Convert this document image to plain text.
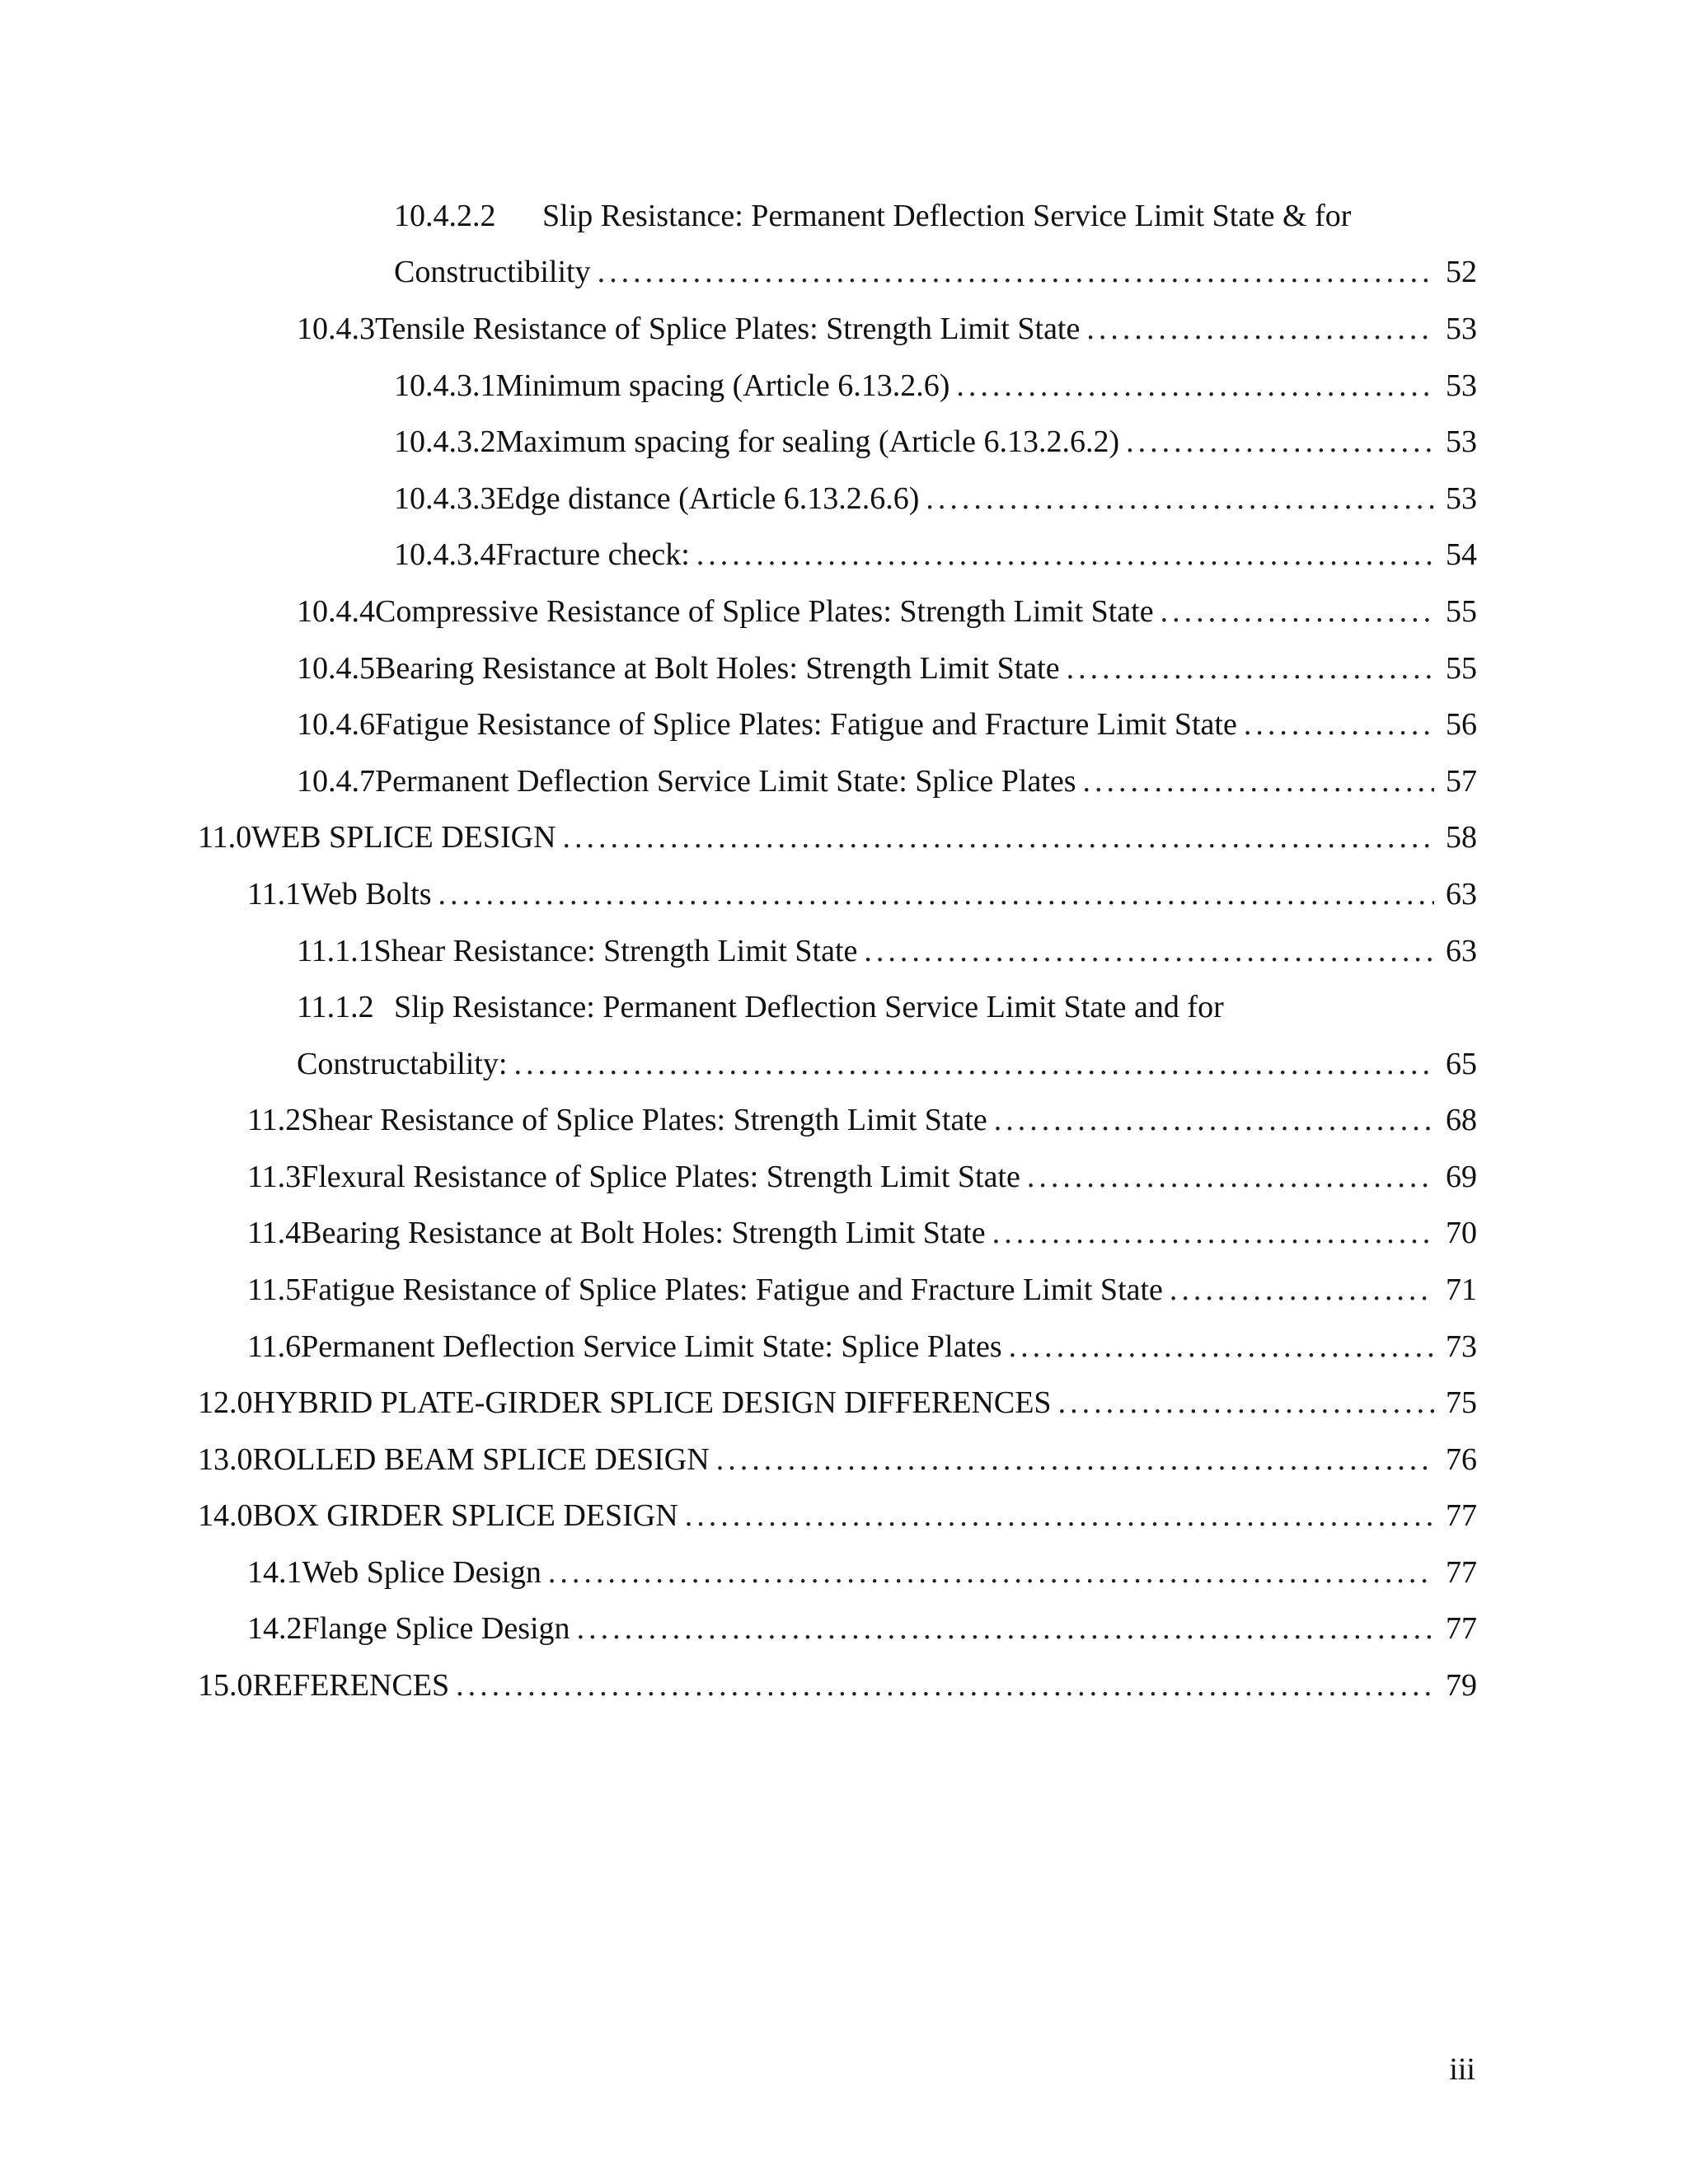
10.4.2.2	Slip Resistance: Permanent Deflection Service Limit State & for
Constructibility .....	52
10.4.3 Tensile Resistance of Splice Plates: Strength Limit State .....	53
10.4.3.1 Minimum spacing (Article 6.13.2.6) .....	53
10.4.3.2 Maximum spacing for sealing (Article 6.13.2.6.2) .....	53
10.4.3.3 Edge distance (Article 6.13.2.6.6) .....	53
10.4.3.4 Fracture check: .....	54
10.4.4 Compressive Resistance of Splice Plates: Strength Limit State .....	55
10.4.5 Bearing Resistance at Bolt Holes: Strength Limit State .....	55
10.4.6 Fatigue Resistance of Splice Plates: Fatigue and Fracture Limit State .....	56
10.4.7 Permanent Deflection Service Limit State: Splice Plates .....	57
11.0 WEB SPLICE DESIGN .....	58
11.1 Web Bolts .....	63
11.1.1 Shear Resistance: Strength Limit State .....	63
11.1.2 Slip Resistance: Permanent Deflection Service Limit State and for
Constructability: .....	65
11.2 Shear Resistance of Splice Plates: Strength Limit State .....	68
11.3 Flexural Resistance of Splice Plates: Strength Limit State .....	69
11.4 Bearing Resistance at Bolt Holes: Strength Limit State .....	70
11.5 Fatigue Resistance of Splice Plates: Fatigue and Fracture Limit State .....	71
11.6 Permanent Deflection Service Limit State: Splice Plates .....	73
12.0 HYBRID PLATE-GIRDER SPLICE DESIGN DIFFERENCES .....	75
13.0 ROLLED BEAM SPLICE DESIGN .....	76
14.0 BOX GIRDER SPLICE DESIGN .....	77
14.1 Web Splice Design .....	77
14.2 Flange Splice Design .....	77
15.0 REFERENCES .....	79
iii
